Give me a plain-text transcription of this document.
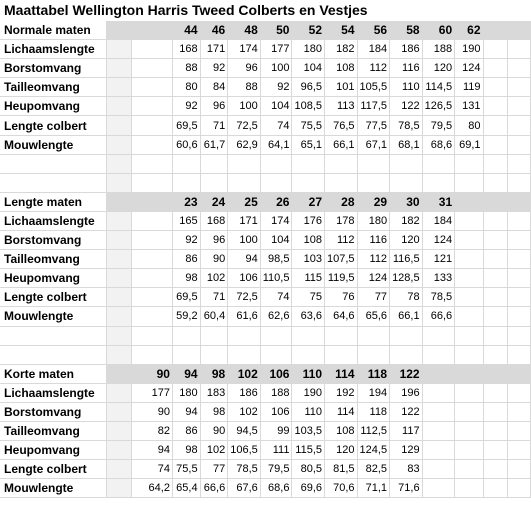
Maattabel Wellington Harris Tweed Colberts en Vestjes
Normale maten			44	46	48	50	52	54	56	58	60	62		
Lichaamslengte			168	171	174	177	180	182	184	186	188	190		
Borstomvang			88	92	96	100	104	108	112	116	120	124		
Tailleomvang			80	84	88	92	96,5	101	105,5	110	114,5	119		
Heupomvang			92	96	100	104	108,5	113	117,5	122	126,5	131		
Lengte colbert			69,5	71	72,5	74	75,5	76,5	77,5	78,5	79,5	80		
Mouwlengte			60,6	61,7	62,9	64,1	65,1	66,1	67,1	68,1	68,6	69,1		

Lengte maten			23	24	25	26	27	28	29	30	31			
Lichaamslengte			165	168	171	174	176	178	180	182	184			
Borstomvang			92	96	100	104	108	112	116	120	124			
Tailleomvang			86	90	94	98,5	103	107,5	112	116,5	121			
Heupomvang			98	102	106	110,5	115	119,5	124	128,5	133			
Lengte colbert			69,5	71	72,5	74	75	76	77	78	78,5			
Mouwlengte			59,2	60,4	61,6	62,6	63,6	64,6	65,6	66,1	66,6			

Korte maten		90	94	98	102	106	110	114	118	122				
Lichaamslengte		177	180	183	186	188	190	192	194	196				
Borstomvang		90	94	98	102	106	110	114	118	122				
Tailleomvang		82	86	90	94,5	99	103,5	108	112,5	117				
Heupomvang		94	98	102	106,5	111	115,5	120	124,5	129				
Lengte colbert		74	75,5	77	78,5	79,5	80,5	81,5	82,5	83				
Mouwlengte		64,2	65,4	66,6	67,6	68,6	69,6	70,6	71,1	71,6				
